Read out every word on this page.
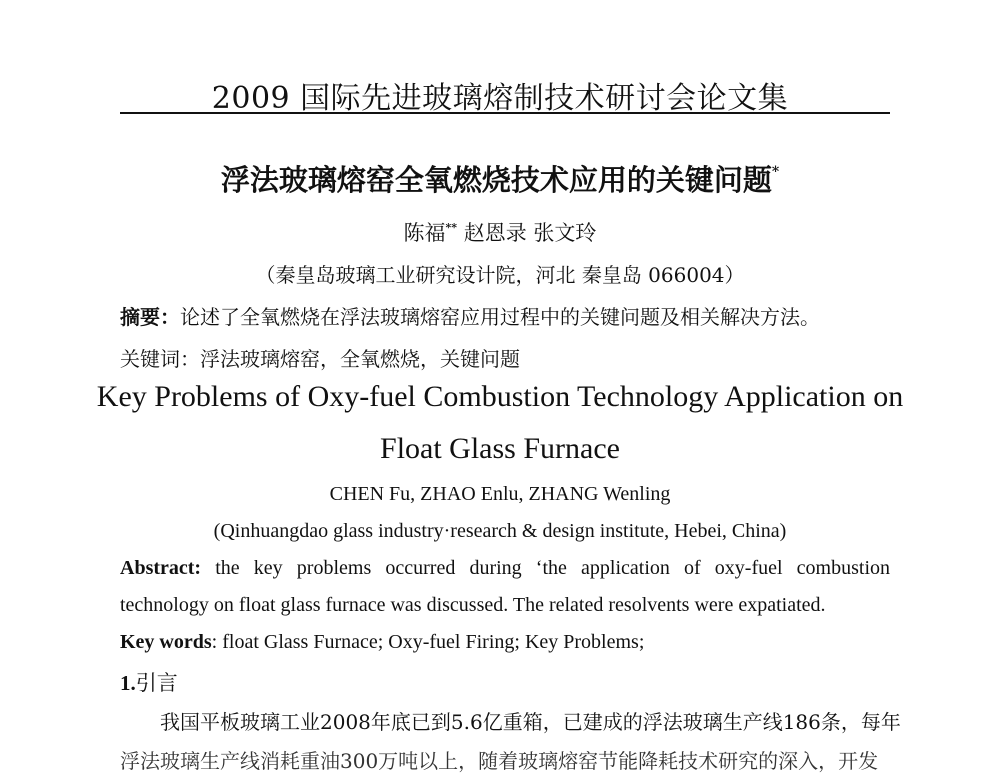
2009 国际先进玻璃熔制技术研讨会论文集
浮法玻璃熔窑全氧燃烧技术应用的关键问题*
陈福** 赵恩录 张文玲
（秦皇岛玻璃工业研究设计院，河北 秦皇岛 066004）
摘要：论述了全氧燃烧在浮法玻璃熔窑应用过程中的关键问题及相关解决方法。
关键词：浮法玻璃熔窑，全氧燃烧，关键问题
Key Problems of Oxy-fuel Combustion Technology Application on
Float Glass Furnace
CHEN Fu, ZHAO Enlu, ZHANG Wenling
(Qinhuangdao glass industry·research & design institute, Hebei, China)
Abstract: the key problems occurred during ‘the application of oxy-fuel combustion
technology on float glass furnace was discussed. The related resolvents were expatiated.
Key words: float Glass Furnace; Oxy-fuel Firing; Key Problems;
1.引言
我国平板玻璃工业2008年底已到5.6亿重箱，已建成的浮法玻璃生产线186条，每年
浮法玻璃生产线消耗重油300万吨以上，随着玻璃熔窑节能降耗技术研究的深入，开发
